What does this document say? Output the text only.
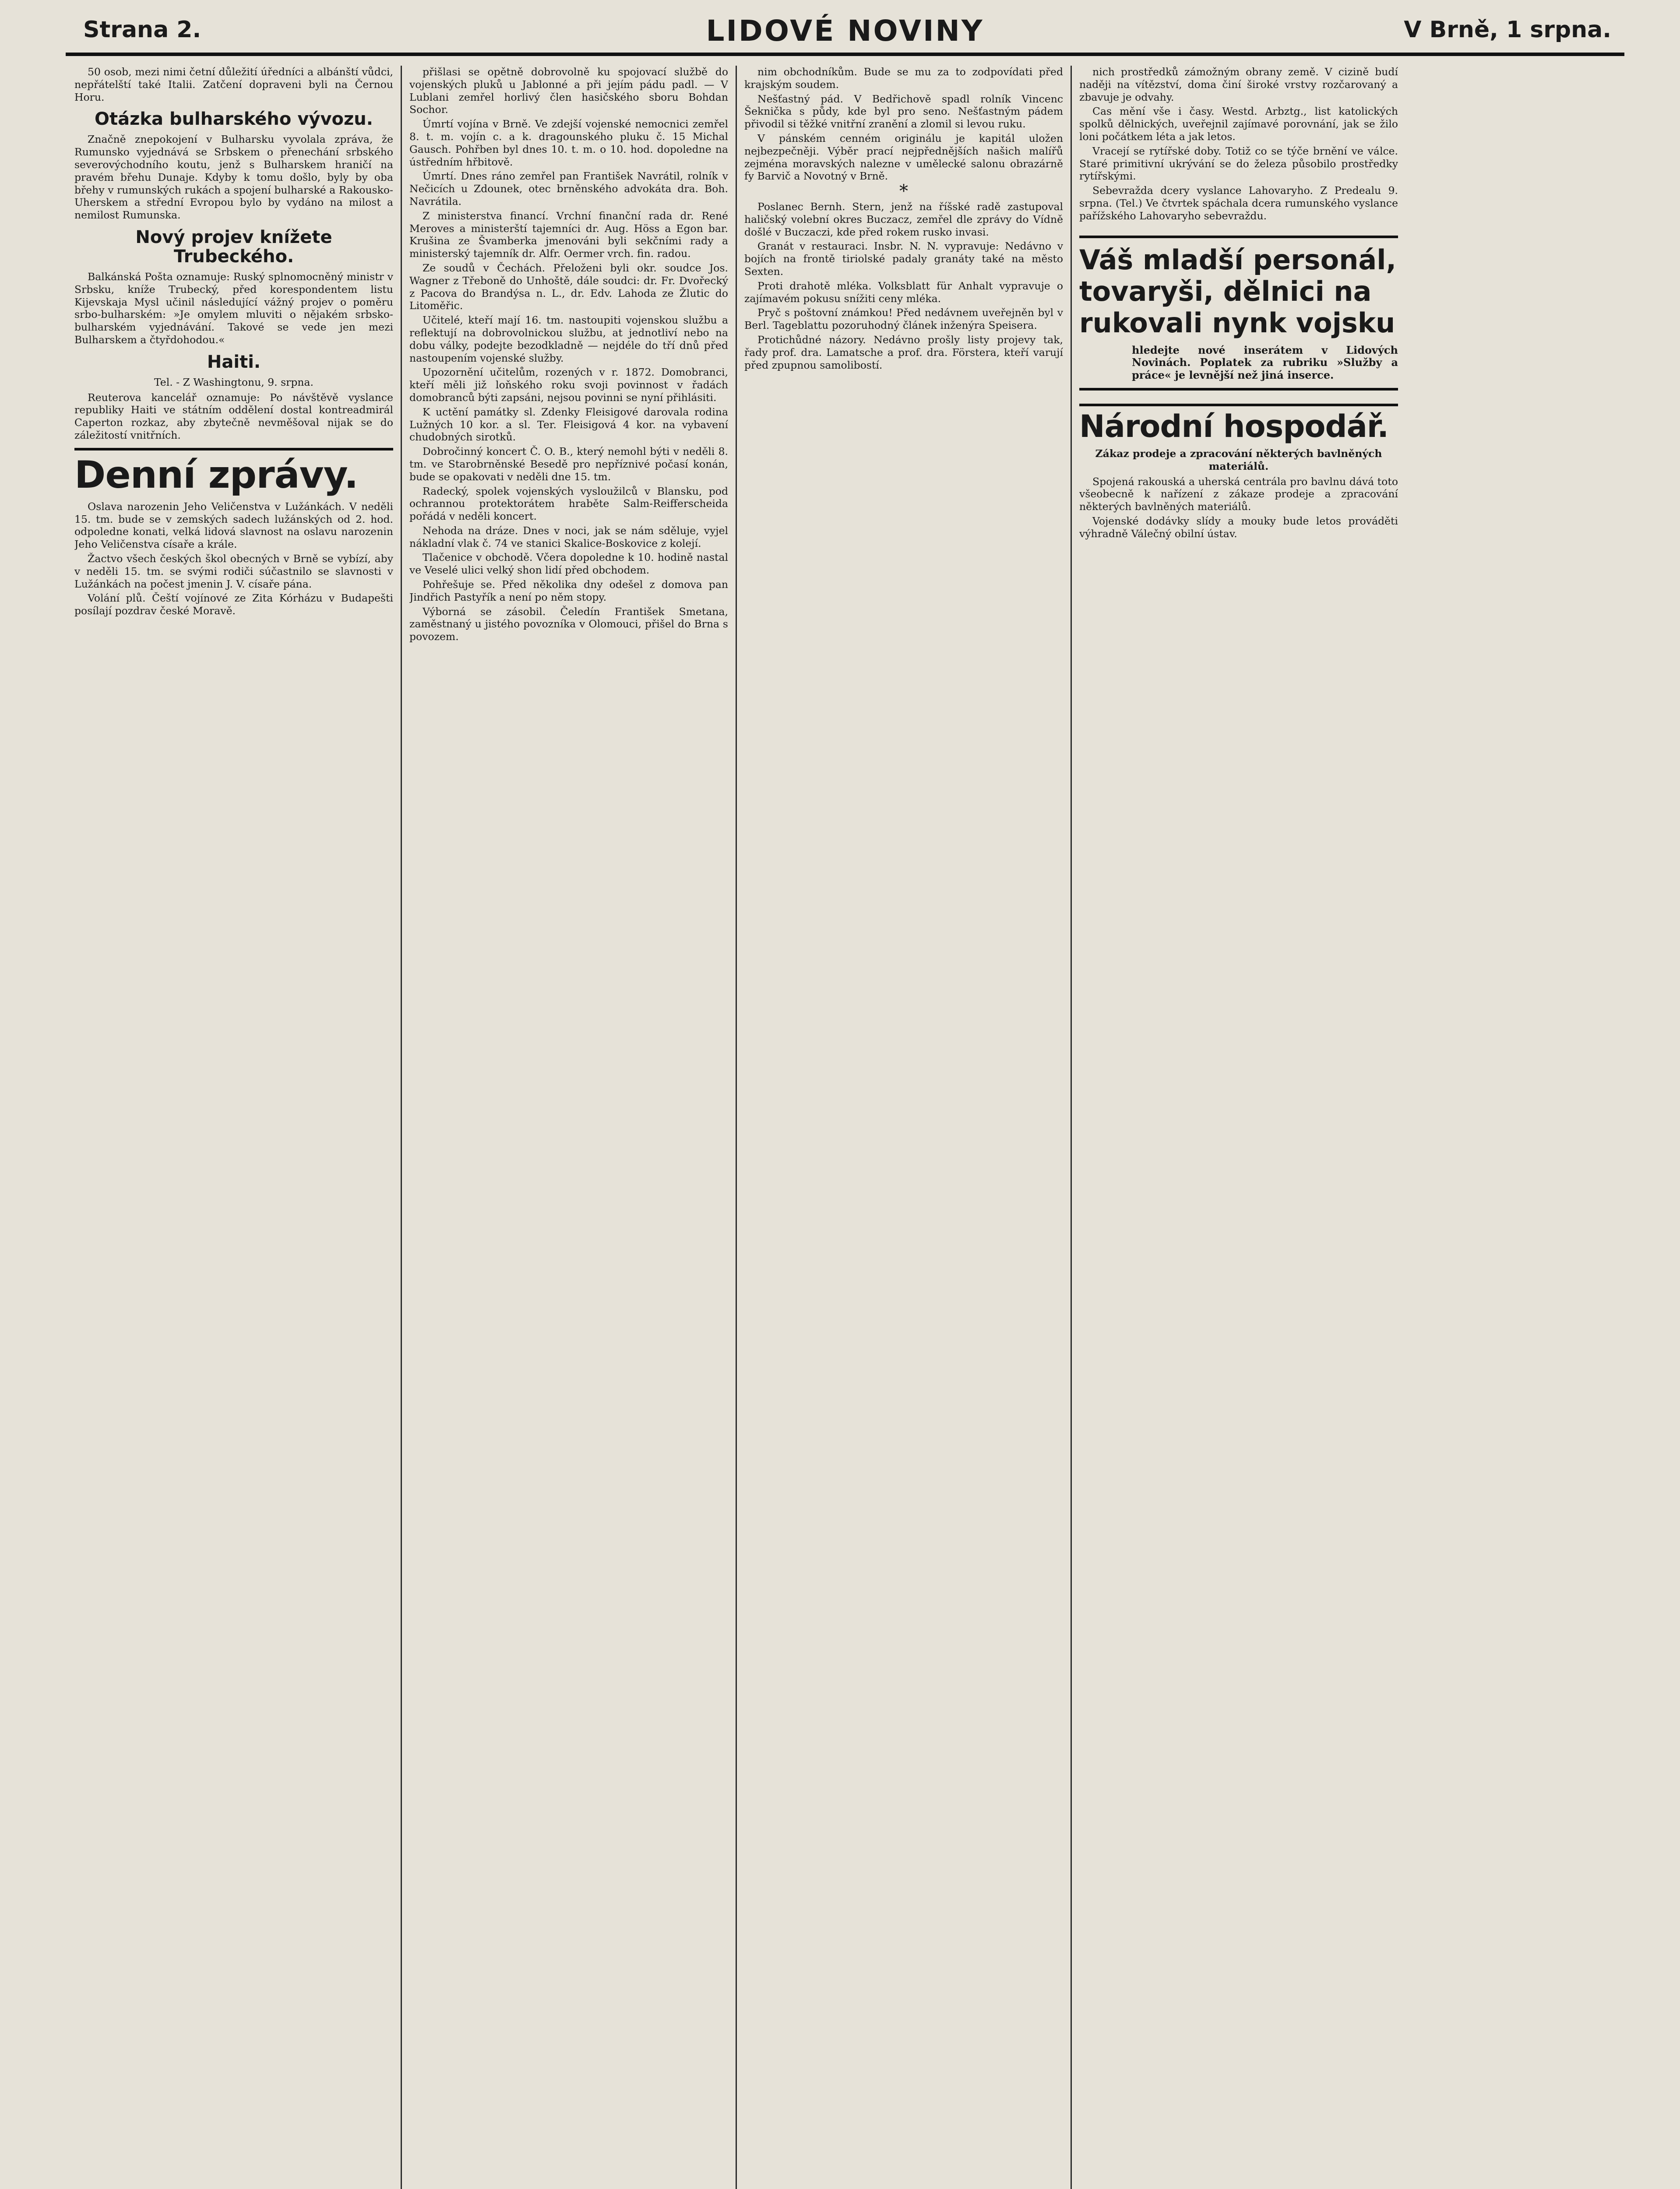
Strana 2.	LIDOVÉ NOVINY	V Brně, 1 srpna.

50 osob, mezi nimi četní důležití úředníci a albánští vůdci, nepřátelští také Italii. Zatčení dopraveni byli na Černou Horu.

Otázka bulharského vývozu.

Značně znepokojení v Bulharsku vyvolala zpráva, že Rumunsko vyjednává se Srbskem o přenechání srbského severovýchodního koutu, jenž s Bulharskem hraničí na pravém břehu Dunaje. Kdyby k tomu došlo, byly by oba břehy v rumunských rukách a spojení bulharské a Rakousko-Uherskem a střední Evropou bylo by vydáno na milost a nemilost Rumunska.

Nový projev knížete Trubeckého.

Balkánská Pošta oznamuje: Ruský splnomocněný ministr v Srbsku, kníže Trubecký, před korespondentem listu Kijevskaja Mysl učinil následující vážný projev o poměru srbo-bulharském: »Je omylem mluviti o nějakém srbsko-bulharském vyjednávání. Takové se vede jen mezi Bulharskem a čtyřdohodou.«

Haiti.

Tel. - Z Washingtonu, 9. srpna.

Reuterova kancelář oznamuje: Po návštěvě vyslance republiky Haiti ve státním oddělení dostal kontreadmirál Caperton rozkaz, aby zbytečně nevměšoval nijak se do záležitostí vnitřních.

Denní zprávy.

Oslava narozenin Jeho Veličenstva v Lužánkách. V neděli 15. tm. bude se v zemských sadech lužánských od 2. hod. odpoledne konati, velká lidová slavnost na oslavu narozenin Jeho Veličenstva císaře a krále.

Žactvo všech českých škol obecných v Brně se vybízí, aby v neděli 15. tm. se svými rodiči súčastnilo se slavnosti v Lužánkách na počest jmenin J. V. císaře pána.

Volání plů. Čeští vojínové ze Zita Kórházu v Budapešti posílají pozdrav české Moravě.

přišlasi se opětně dobrovolně ku spojovací službě do vojenských pluků u Jablonné a při jejím pádu padl. — V Lublani zemřel horlivý člen hasičského sboru Bohdan Sochor.

Úmrtí vojína v Brně. Ve zdejší vojenské nemocnici zemřel 8. t. m. vojín c. a k. dragounského pluku č. 15 Michal Gausch. Pohřben byl dnes 10. t. m. o 10. hod. dopoledne na ústředním hřbitově.

Úmrtí. Dnes ráno zemřel pan František Navrátil, rolník v Nečicích u Zdounek, otec brněnského advokáta dra. Boh. Navrátila.

Z ministerstva financí. Vrchní finanční rada dr. René Meroves a ministerští tajemníci dr. Aug. Höss a Egon bar. Krušina ze Švamberka jmenováni byli sekčními rady a ministerský tajemník dr. Alfr. Oermer vrch. fin. radou.

Ze soudů v Čechách. Přeloženi byli okr. soudce Jos. Wagner z Třeboně do Unhoště, dále soudci: dr. Fr. Dvořecký z Pacova do Brandýsa n. L., dr. Edv. Lahoda ze Žlutic do Litoměřic.

Učitelé, kteří mají 16. tm. nastoupiti vojenskou službu a reflektují na dobrovolnickou službu, at jednotliví nebo na dobu války, podejte bezodkladně — nejdéle do tří dnů před nastoupením vojenské služby.

Upozornění učitelům, rozených v r. 1872. Domobranci, kteří měli již loňského roku svoji povinnost v řadách domobranců býti zapsáni, nejsou povinni se nyní přihlásiti.

K uctění památky sl. Zdenky Fleisigové darovala rodina Lužných 10 kor. a sl. Ter. Fleisigová 4 kor. na vybavení chudobných sirotků.

Dobročinný koncert Č. O. B., který nemohl býti v neděli 8. tm. ve Starobrněnské Besedě pro nepříznivé počasí konán, bude se opakovati v neděli dne 15. tm.

Radecký, spolek vojenských vysloužilců v Blansku, pod ochrannou protektorátem hraběte Salm-Reifferscheida pořádá v neděli koncert.

Nehoda na dráze. Dnes v noci, jak se nám sděluje, vyjel nákladní vlak č. 74 ve stanici Skalice-Boskovice z kolejí.

Tlačenice v obchodě. Včera dopoledne k 10. hodině nastal ve Veselé ulici velký shon lidí před obchodem.

Pohřešuje se. Před několika dny odešel z domova pan Jindřich Pastyřík a není po něm stopy.

Výborná se zásobil. Čeledín František Smetana, zaměstnaný u jistého povozníka v Olomouci, přišel do Brna s povozem.

nim obchodníkům. Bude se mu za to zodpovídati před krajským soudem.

Nešťastný pád. V Bedřichově spadl rolník Vincenc Šeknička s půdy, kde byl pro seno. Nešťastným pádem přivodil si těžké vnitřní zranění a zlomil si levou ruku.

V pánském cenném originálu je kapitál uložen nejbezpečněji. Výběr prací nejpřednějších našich malířů zejména moravských nalezne v umělecké salonu obrazárně fy Barvič a Novotný v Brně.

*

Poslanec Bernh. Stern, jenž na říšské radě zastupoval haličský volební okres Buczacz, zemřel dle zprávy do Vídně došlé v Buczaczi, kde před rokem rusko invasi.

Granát v restauraci. Insbr. N. N. vypravuje: Nedávno v bojích na frontě tiriolské padaly granáty také na město Sexten.

Proti drahotě mléka. Volksblatt für Anhalt vypravuje o zajímavém pokusu snížiti ceny mléka.

Pryč s poštovní známkou! Před nedávnem uveřejněn byl v Berl. Tageblattu pozoruhodný článek inženýra Speisera.

Protichůdné názory. Nedávno prošly listy projevy tak, řady prof. dra. Lamatsche a prof. dra. Förstera, kteří varují před zpupnou samolibostí.

nich prostředků zámožným obrany země. V cizině budí naději na vítězství, doma činí široké vrstvy rozčarovaný a zbavuje je odvahy.

Cas mění vše i časy. Westd. Arbztg., list katolických spolků dělnických, uveřejnil zajímavé porovnání, jak se žilo loni počátkem léta a jak letos.

Vracejí se rytířské doby. Totiž co se týče brnění ve válce. Staré primitivní ukrývání se do železa působilo prostředky rytířskými.

Sebevražda dcery vyslance Lahovaryho. Z Predealu 9. srpna. (Tel.) Ve čtvrtek spáchala dcera rumunského vyslance pařížského Lahovaryho sebevraždu.

Váš mladší personál, tovaryši, dělnici na rukovali nynk vojsku

hledejte nové inserátem v Lidových Novinách. Poplatek za rubriku »Služby a práce« je levnější než jiná inserce.

Národní hospodář.

Zákaz prodeje a zpracování některých bavlněných materiálů.

Spojená rakouská a uherská centrála pro bavlnu dává toto všeobecně k nařízení z zákaze prodeje a zpracování některých bavlněných materiálů.

Vojenské dodávky slídy a mouky bude letos prováděti výhradně Válečný obilní ústav.
